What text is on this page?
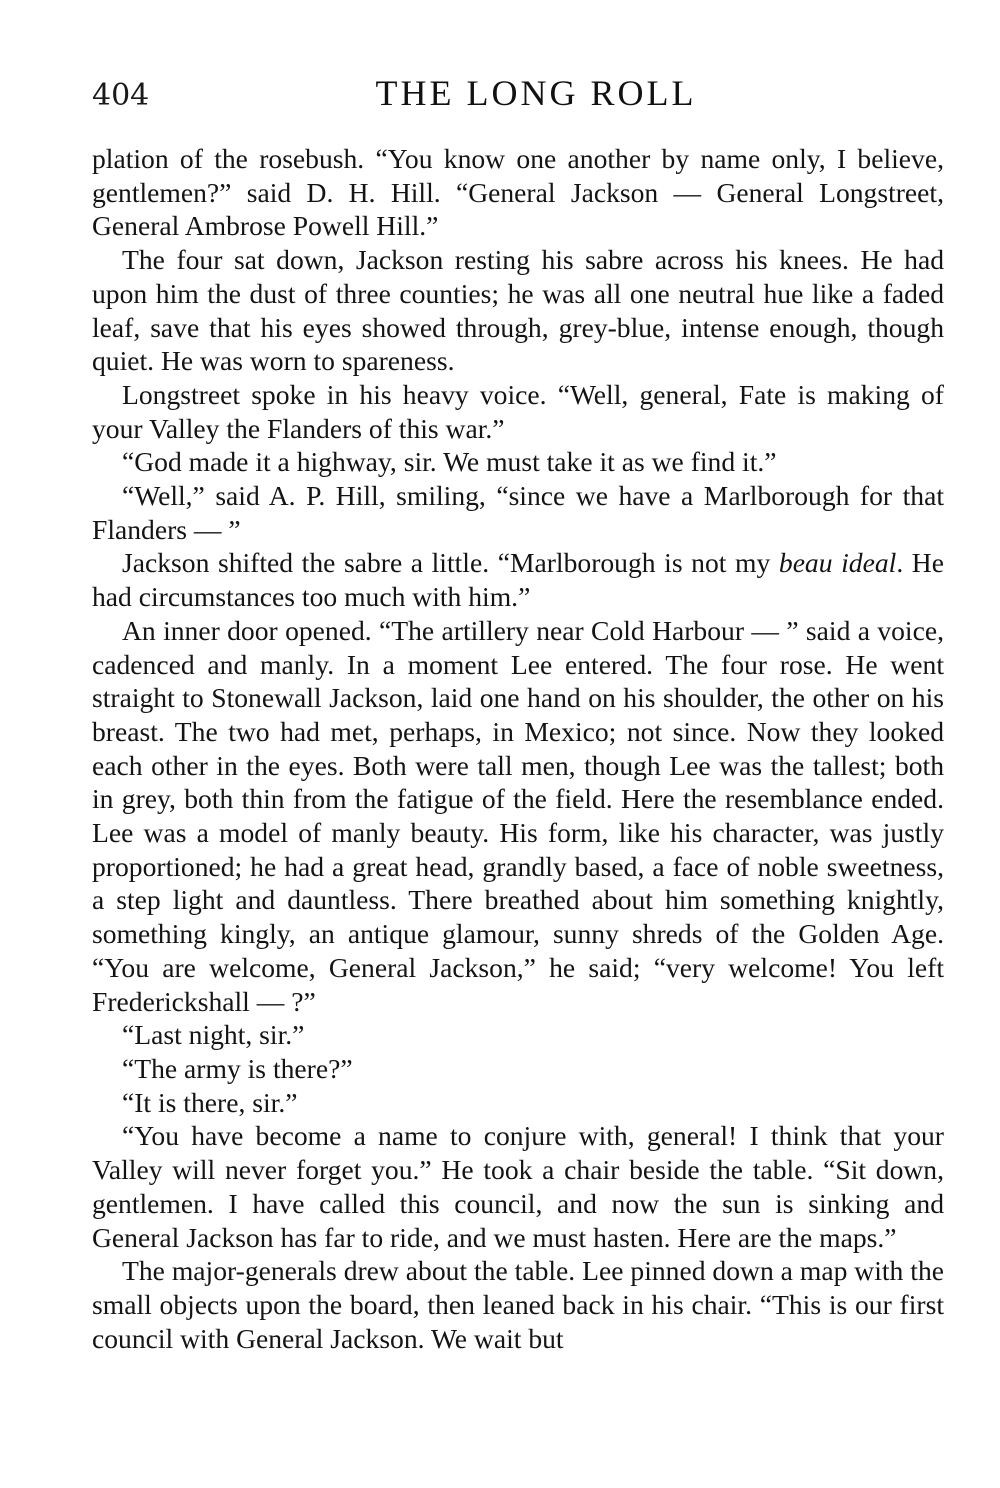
404	THE LONG ROLL

plation of the rosebush. “You know one another by name only, I believe, gentlemen?” said D. H. Hill. “General Jackson — General Longstreet, General Ambrose Powell Hill.”

The four sat down, Jackson resting his sabre across his knees. He had upon him the dust of three counties; he was all one neutral hue like a faded leaf, save that his eyes showed through, grey-blue, intense enough, though quiet. He was worn to spareness.

Longstreet spoke in his heavy voice. “Well, general, Fate is making of your Valley the Flanders of this war.”

“God made it a highway, sir. We must take it as we find it.”

“Well,” said A. P. Hill, smiling, “since we have a Marlborough for that Flanders — ”

Jackson shifted the sabre a little. “Marlborough is not my beau ideal. He had circumstances too much with him.”

An inner door opened. “The artillery near Cold Harbour — ” said a voice, cadenced and manly. In a moment Lee entered. The four rose. He went straight to Stonewall Jackson, laid one hand on his shoulder, the other on his breast. The two had met, perhaps, in Mexico; not since. Now they looked each other in the eyes. Both were tall men, though Lee was the tallest; both in grey, both thin from the fatigue of the field. Here the resemblance ended. Lee was a model of manly beauty. His form, like his character, was justly proportioned; he had a great head, grandly based, a face of noble sweetness, a step light and dauntless. There breathed about him something knightly, something kingly, an antique glamour, sunny shreds of the Golden Age. “You are welcome, General Jackson,” he said; “very welcome! You left Frederickshall — ?”

“Last night, sir.”

“The army is there?”

“It is there, sir.”

“You have become a name to conjure with, general! I think that your Valley will never forget you.” He took a chair beside the table. “Sit down, gentlemen. I have called this council, and now the sun is sinking and General Jackson has far to ride, and we must hasten. Here are the maps.”

The major-generals drew about the table. Lee pinned down a map with the small objects upon the board, then leaned back in his chair. “This is our first council with General Jackson. We wait but
